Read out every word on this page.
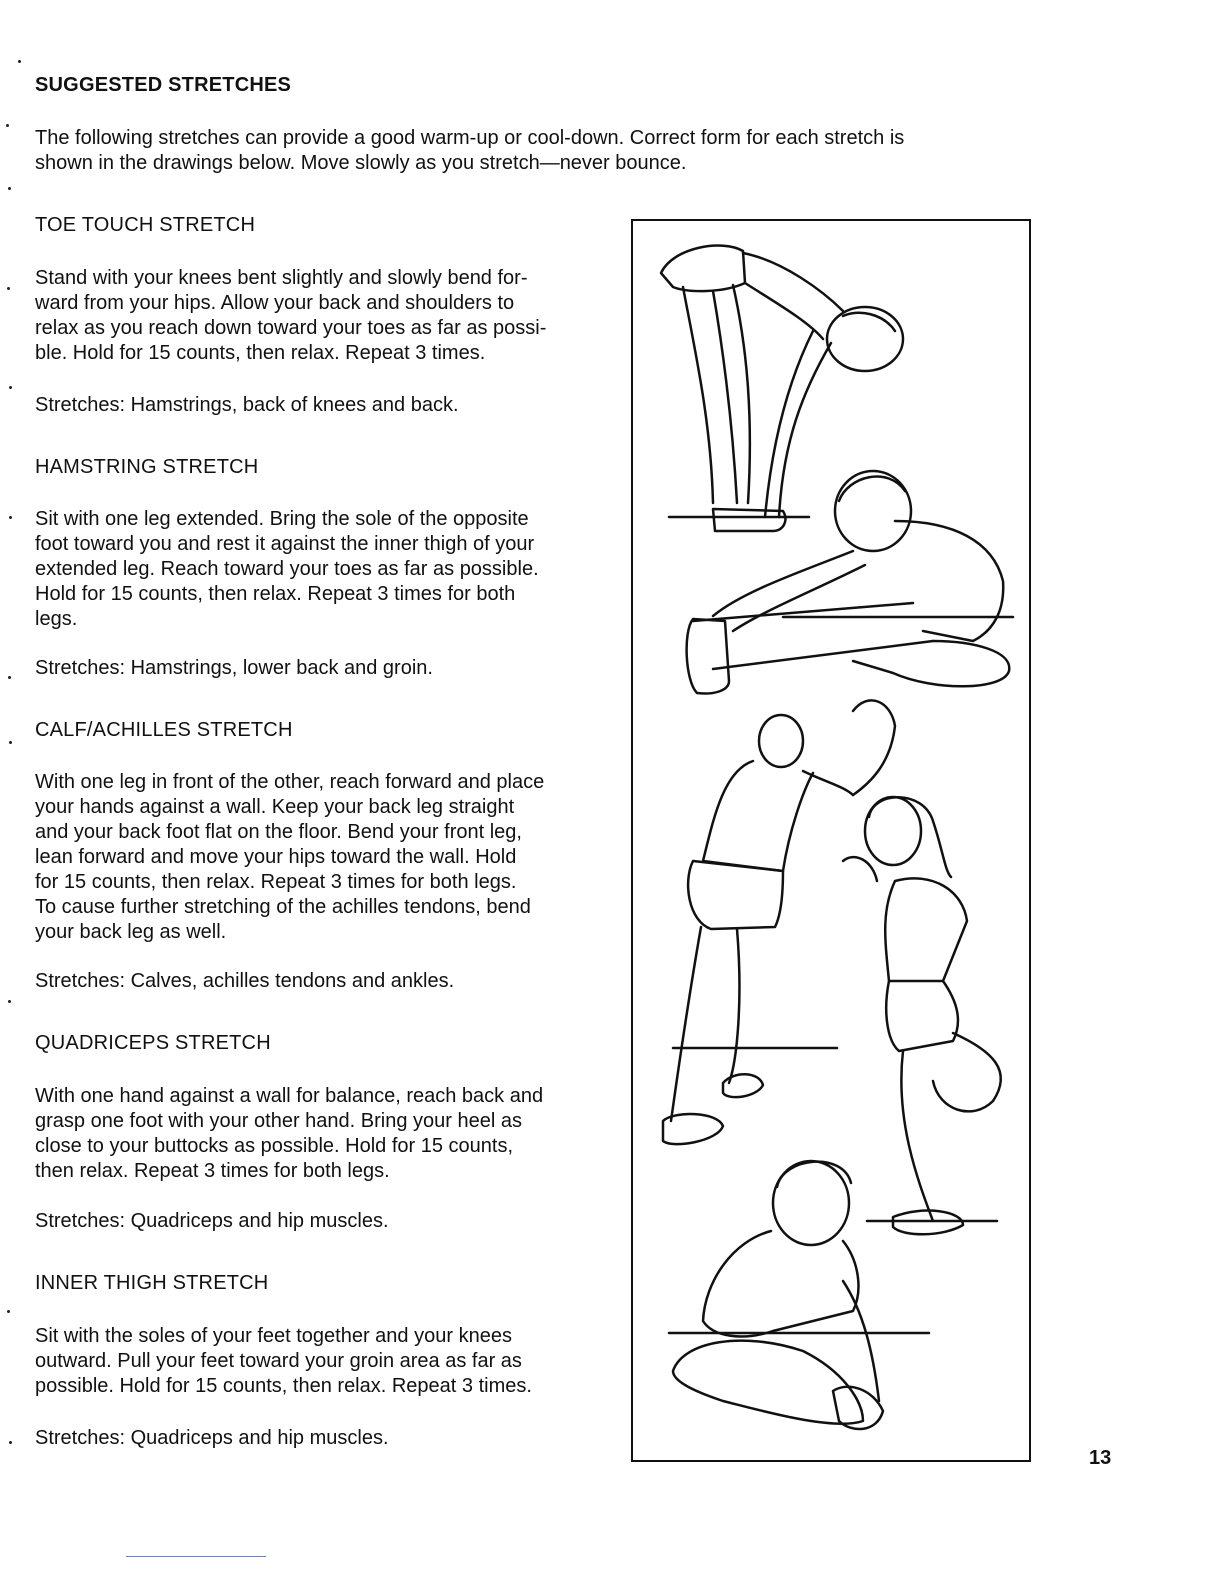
SUGGESTED STRETCHES
The following stretches can provide a good warm-up or cool-down. Correct form for each stretch is
shown in the drawings below. Move slowly as you stretch—never bounce.
TOE TOUCH STRETCH
Stand with your knees bent slightly and slowly bend for-
ward from your hips. Allow your back and shoulders to
relax as you reach down toward your toes as far as possi-
ble. Hold for 15 counts, then relax. Repeat 3 times.
Stretches: Hamstrings, back of knees and back.
HAMSTRING STRETCH
Sit with one leg extended. Bring the sole of the opposite
foot toward you and rest it against the inner thigh of your
extended leg. Reach toward your toes as far as possible.
Hold for 15 counts, then relax. Repeat 3 times for both
legs.
Stretches: Hamstrings, lower back and groin.
CALF/ACHILLES STRETCH
With one leg in front of the other, reach forward and place
your hands against a wall. Keep your back leg straight
and your back foot flat on the floor. Bend your front leg,
lean forward and move your hips toward the wall. Hold
for 15 counts, then relax. Repeat 3 times for both legs.
To cause further stretching of the achilles tendons, bend
your back leg as well.
Stretches: Calves, achilles tendons and ankles.
QUADRICEPS STRETCH
With one hand against a wall for balance, reach back and
grasp one foot with your other hand. Bring your heel as
close to your buttocks as possible. Hold for 15 counts,
then relax. Repeat 3 times for both legs.
Stretches: Quadriceps and hip muscles.
INNER THIGH STRETCH
Sit with the soles of your feet together and your knees
outward. Pull your feet toward your groin area as far as
possible. Hold for 15 counts, then relax. Repeat 3 times.
Stretches: Quadriceps and hip muscles.
13
